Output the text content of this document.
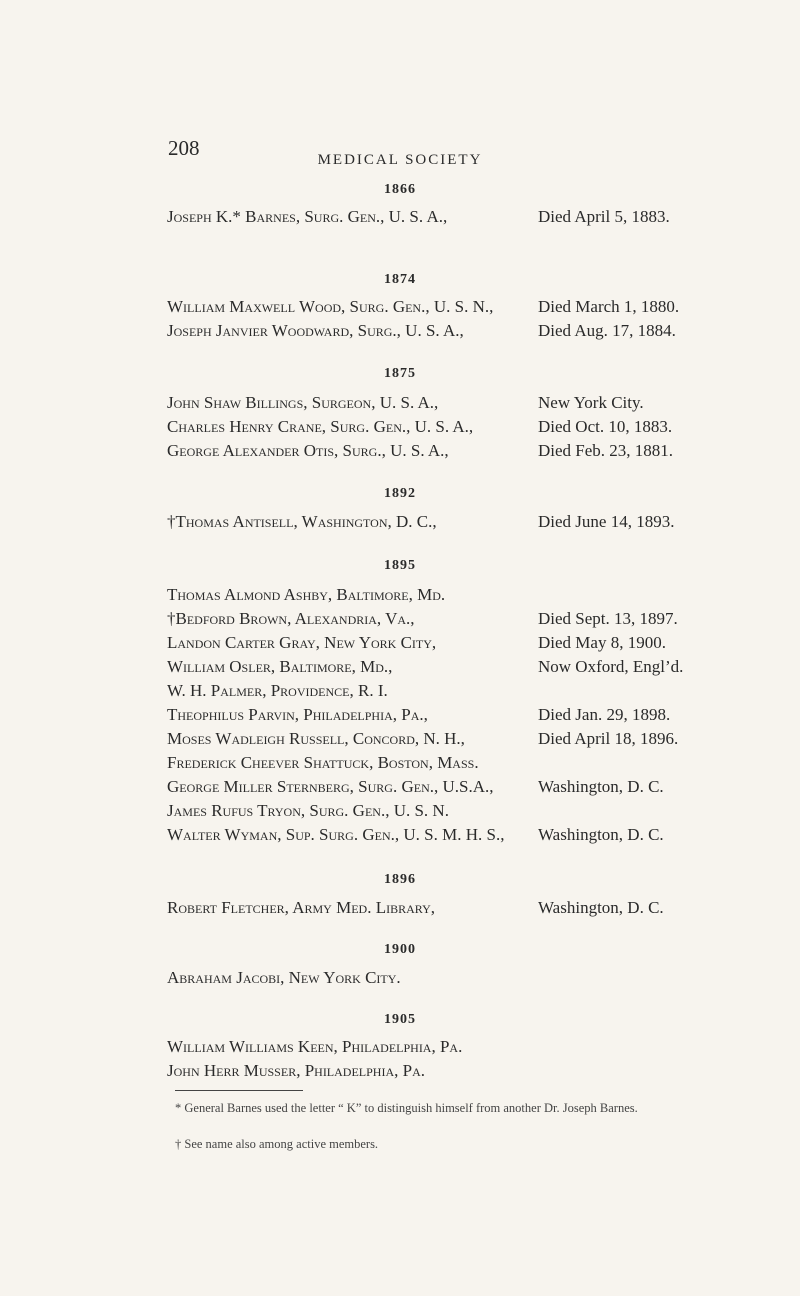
208	MEDICAL SOCIETY
1866
Joseph K.* Barnes, Surg. Gen., U. S. A.,	Died April 5, 1883.
1874
William Maxwell Wood, Surg. Gen., U. S. N.,	Died March 1, 1880.
Joseph Janvier Woodward, Surg., U. S. A.,	Died Aug. 17, 1884.
1875
John Shaw Billings, Surgeon, U. S. A.,	New York City.
Charles Henry Crane, Surg. Gen., U. S. A.,	Died Oct. 10, 1883.
George Alexander Otis, Surg., U. S. A.,	Died Feb. 23, 1881.
1892
†Thomas Antisell, Washington, D. C.,	Died June 14, 1893.
1895
Thomas Almond Ashby, Baltimore, Md.
†Bedford Brown, Alexandria, Va.,	Died Sept. 13, 1897.
Landon Carter Gray, New York City,	Died May 8, 1900.
William Osler, Baltimore, Md.,	Now Oxford, Engl’d.
W. H. Palmer, Providence, R. I.
Theophilus Parvin, Philadelphia, Pa.,	Died Jan. 29, 1898.
Moses Wadleigh Russell, Concord, N. H.,	Died April 18, 1896.
Frederick Cheever Shattuck, Boston, Mass.
George Miller Sternberg, Surg. Gen., U.S.A.,	Washington, D. C.
James Rufus Tryon, Surg. Gen., U. S. N.
Walter Wyman, Sup. Surg. Gen., U. S. M. H. S., Washington, D. C.
1896
Robert Fletcher, Army Med. Library,	Washington, D. C.
1900
Abraham Jacobi, New York City.
1905
William Williams Keen, Philadelphia, Pa.
John Herr Musser, Philadelphia, Pa.
* General Barnes used the letter “ K” to distinguish himself from another Dr. Joseph Barnes.
† See name also among active members.
